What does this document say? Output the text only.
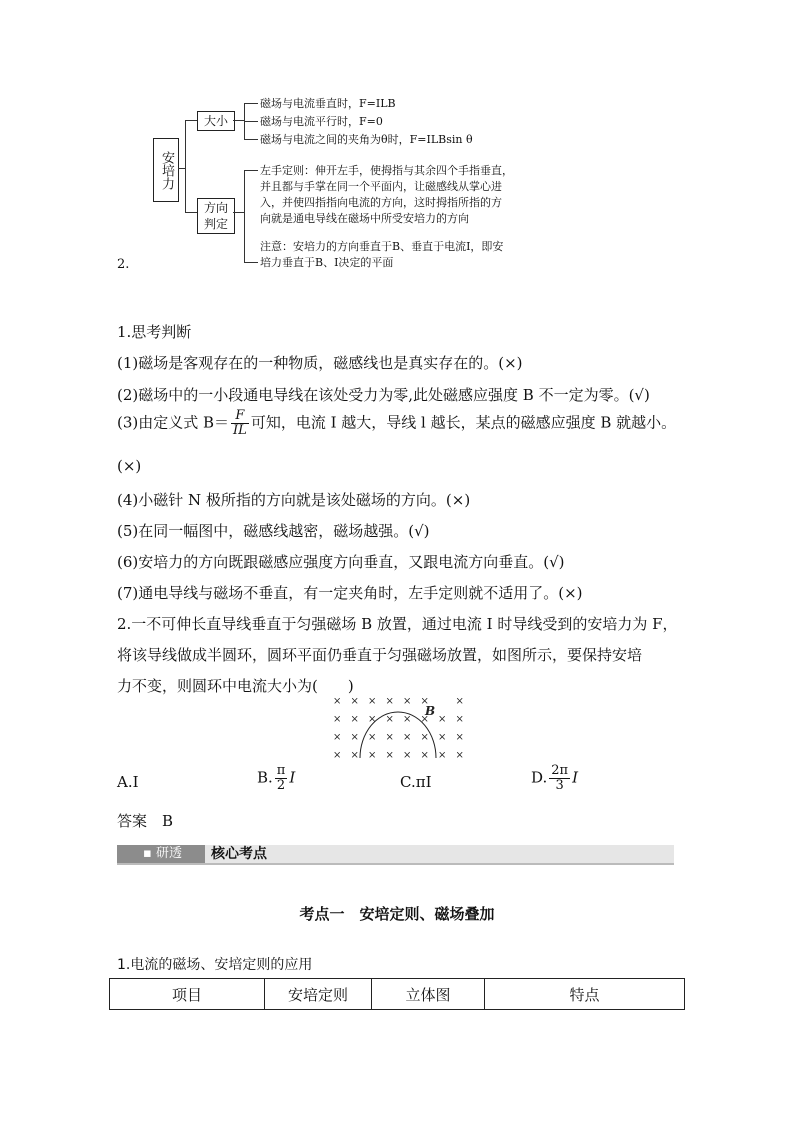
安培力
大小
磁场与电流垂直时，F=ILB
磁场与电流平行时，F=0
磁场与电流之间的夹角为θ时，F=ILBsin θ
方向判定
左手定则：伸开左手，使拇指与其余四个手指垂直，
并且都与手掌在同一个平面内，让磁感线从掌心进
入，并使四指指向电流的方向，这时拇指所指的方
向就是通电导线在磁场中所受安培力的方向
注意：安培力的方向垂直于B、垂直于电流I，即安
培力垂直于B、I决定的平面
2.
1.思考判断
(1)磁场是客观存在的一种物质，磁感线也是真实存在的。(×)
(2)磁场中的一小段通电导线在该处受力为零,此处磁感应强度 B 不一定为零。(√)
(3)由定义式 $B= \frac{F}{IL}$ 可知，电流 I 越大，导线 l 越长，某点的磁感应强度 B 就越小。
(×)
(4)小磁针 N 极所指的方向就是该处磁场的方向。(×)
(5)在同一幅图中，磁感线越密，磁场越强。(√)
(6)安培力的方向既跟磁感应强度方向垂直，又跟电流方向垂直。(√)
(7)通电导线与磁场不垂直，有一定夹角时，左手定则就不适用了。(×)
2.一不可伸长直导线垂直于匀强磁场 B 放置，通过电流 I 时导线受到的安培力为 F，
将该导线做成半圆环，圆环平面仍垂直于匀强磁场放置，如图所示，要保持安培
力不变，则圆环中电流大小为(　　)
B
× × × × × ×	×
× × × × × × × ×
× × × × × × × ×
× × × × × × × ×
A.I	B. $\frac{\pi}{2}$ I	C.πI	D. $\frac{2\pi}{3}$ I
答案　B
▪ 研透	核心考点
考点一　安培定则、磁场叠加
1.电流的磁场、安培定则的应用
项目	安培定则	立体图	特点
